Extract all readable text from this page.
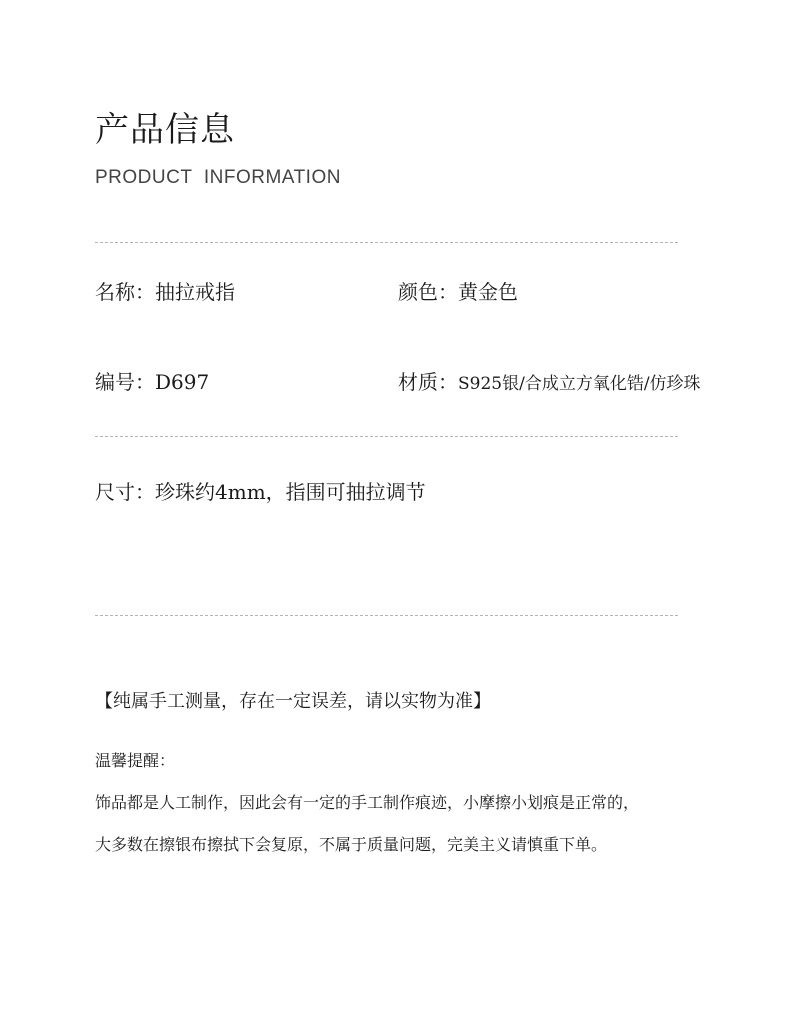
产品信息
PRODUCT INFORMATION
名称：抽拉戒指	颜色：黄金色
编号：D697	材质：S925银/合成立方氧化锆/仿珍珠
尺寸：珍珠约4mm，指围可抽拉调节
【纯属手工测量，存在一定误差，请以实物为准】
温馨提醒：
饰品都是人工制作，因此会有一定的手工制作痕迹，小摩擦小划痕是正常的，
大多数在擦银布擦拭下会复原，不属于质量问题，完美主义请慎重下单。
